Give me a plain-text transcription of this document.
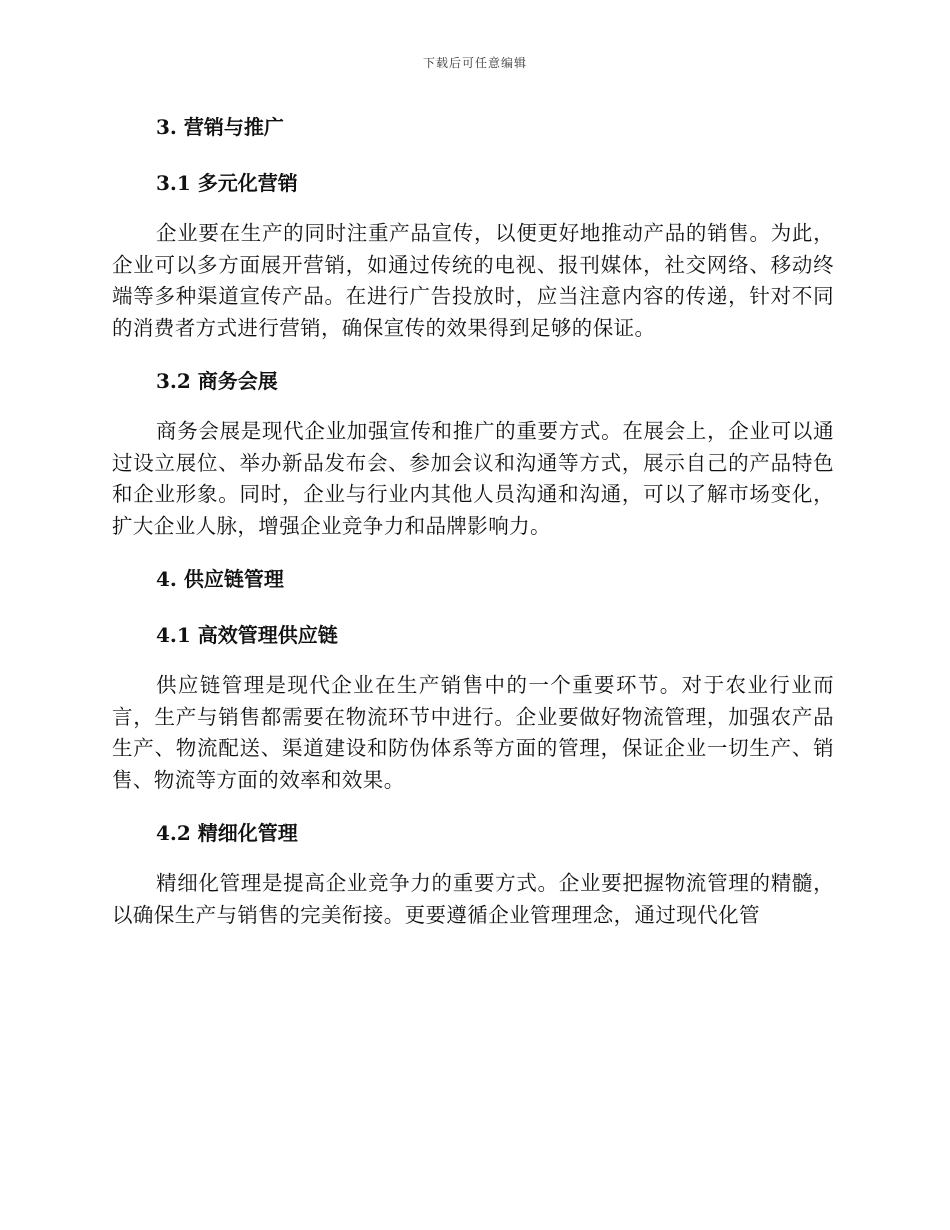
下载后可任意编辑
3. 营销与推广
3.1 多元化营销

企业要在生产的同时注重产品宣传，以便更好地推动产品的销售。为此，企业可以多方面展开营销，如通过传统的电视、报刊媒体，社交网络、移动终端等多种渠道宣传产品。在进行广告投放时，应当注意内容的传递，针对不同的消费者方式进行营销，确保宣传的效果得到足够的保证。

3.2 商务会展

商务会展是现代企业加强宣传和推广的重要方式。在展会上，企业可以通过设立展位、举办新品发布会、参加会议和沟通等方式，展示自己的产品特色和企业形象。同时，企业与行业内其他人员沟通和沟通，可以了解市场变化，扩大企业人脉，增强企业竞争力和品牌影响力。

4. 供应链管理
4.1 高效管理供应链

供应链管理是现代企业在生产销售中的一个重要环节。对于农业行业而言，生产与销售都需要在物流环节中进行。企业要做好物流管理，加强农产品生产、物流配送、渠道建设和防伪体系等方面的管理，保证企业一切生产、销售、物流等方面的效率和效果。

4.2 精细化管理

精细化管理是提高企业竞争力的重要方式。企业要把握物流管理的精髓，以确保生产与销售的完美衔接。更要遵循企业管理理念，通过现代化管
